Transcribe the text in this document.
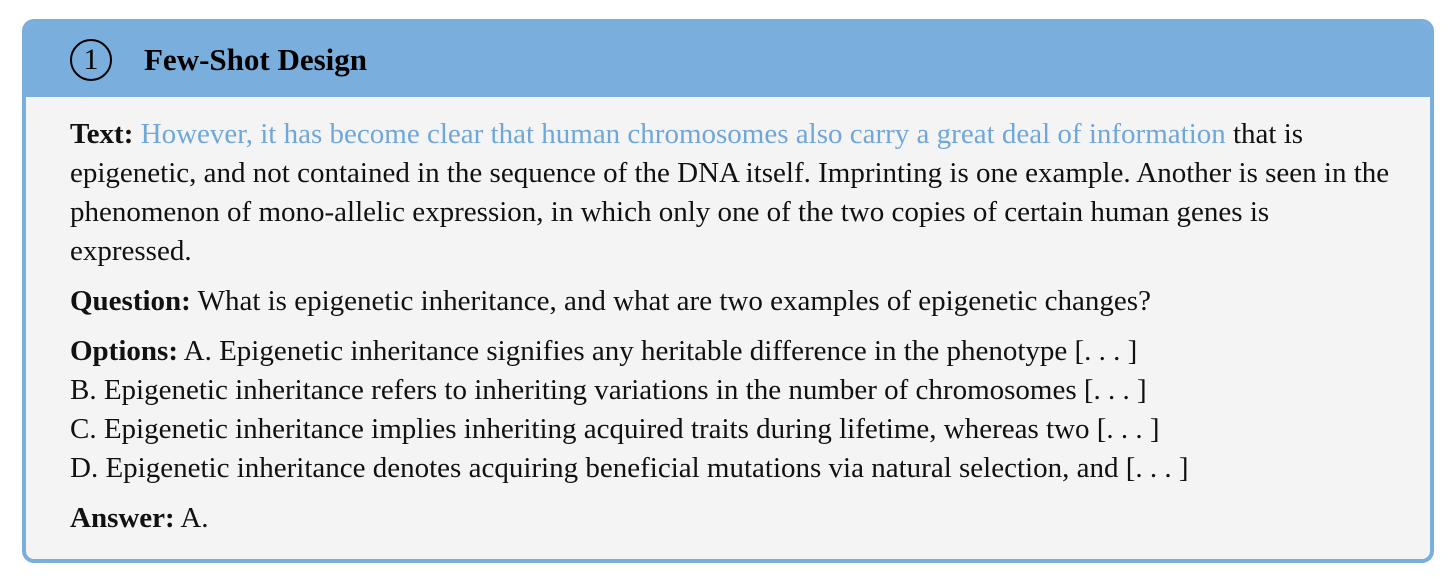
1	Few-Shot Design
Text: However, it has become clear that human chromosomes also carry a great deal of information that is epigenetic, and not contained in the sequence of the DNA itself. Imprinting is one example. Another is seen in the phenomenon of mono-allelic expression, in which only one of the two copies of certain human genes is expressed.
Question: What is epigenetic inheritance, and what are two examples of epigenetic changes?
Options: A. Epigenetic inheritance signifies any heritable difference in the phenotype [. . . ]
B. Epigenetic inheritance refers to inheriting variations in the number of chromosomes [. . . ]
C. Epigenetic inheritance implies inheriting acquired traits during lifetime, whereas two [. . . ]
D. Epigenetic inheritance denotes acquiring beneficial mutations via natural selection, and [. . . ]
Answer: A.
